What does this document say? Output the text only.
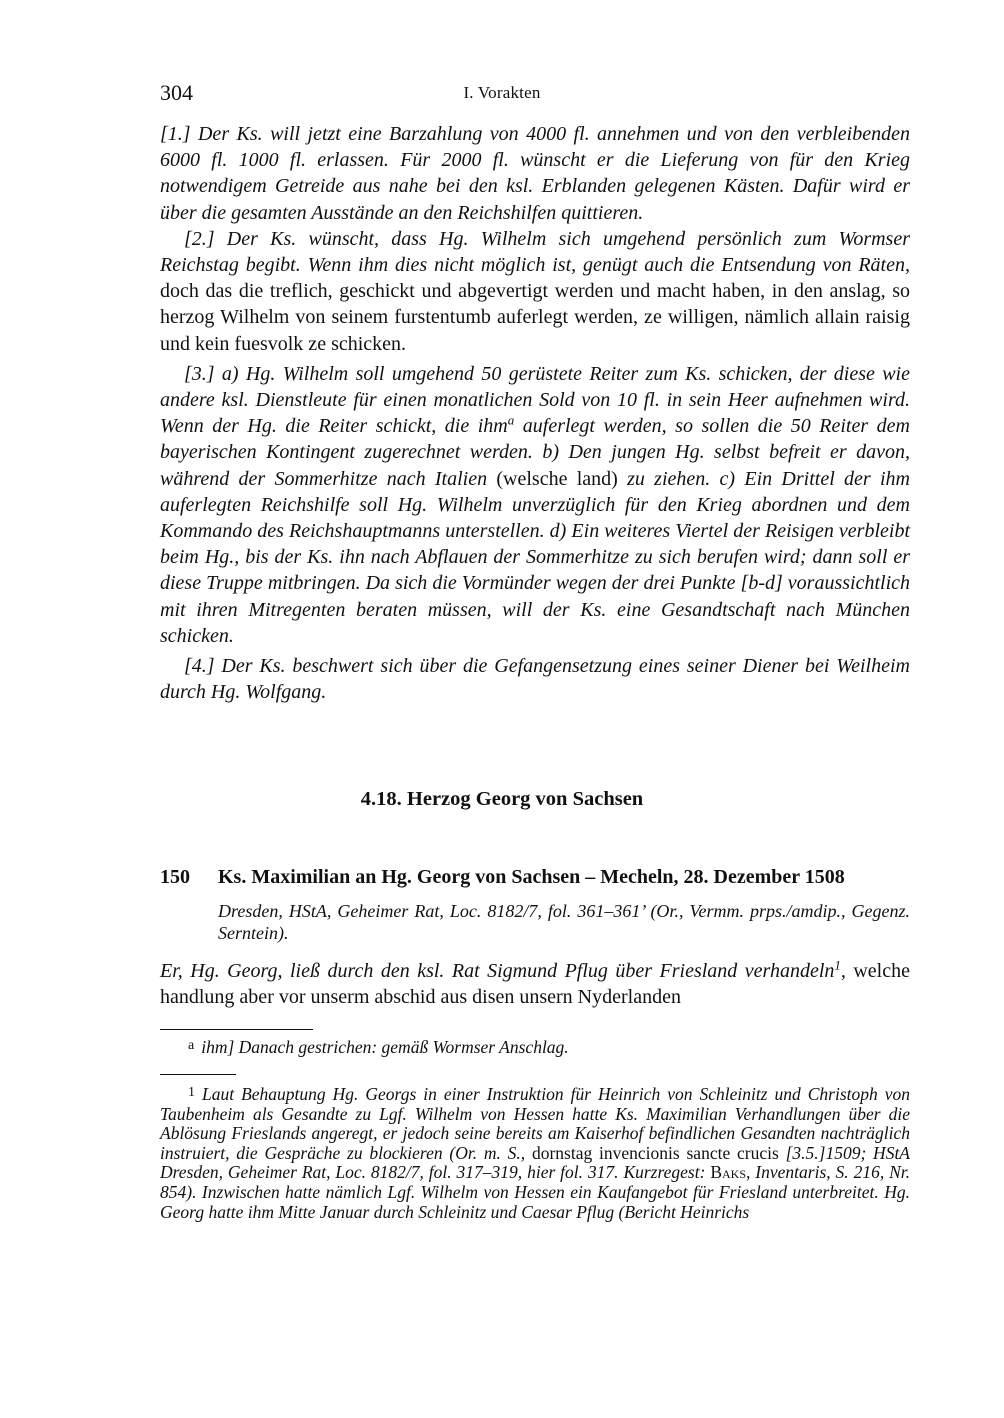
304	I. Vorakten

[1.] Der Ks. will jetzt eine Barzahlung von 4000 fl. annehmen und von den verbleibenden 6000 fl. 1000 fl. erlassen. Für 2000 fl. wünscht er die Lieferung von für den Krieg notwendigem Getreide aus nahe bei den ksl. Erblanden gelegenen Kästen. Dafür wird er über die gesamten Ausstände an den Reichshilfen quittieren.

[2.] Der Ks. wünscht, dass Hg. Wilhelm sich umgehend persönlich zum Wormser Reichstag begibt. Wenn ihm dies nicht möglich ist, genügt auch die Entsendung von Räten, doch das die treflich, geschickt und abgevertigt werden und macht haben, in den anslag, so herzog Wilhelm von seinem furstentumb auferlegt werden, ze willigen, nämlich allain raisig und kein fuesvolk ze schicken.

[3.] a) Hg. Wilhelm soll umgehend 50 gerüstete Reiter zum Ks. schicken, der diese wie andere ksl. Dienstleute für einen monatlichen Sold von 10 fl. in sein Heer aufnehmen wird. Wenn der Hg. die Reiter schickt, die ihm$^a$ auferlegt werden, so sollen die 50 Reiter dem bayerischen Kontingent zugerechnet werden. b) Den jungen Hg. selbst befreit er davon, während der Sommerhitze nach Italien (welsche land) zu ziehen. c) Ein Drittel der ihm auferlegten Reichshilfe soll Hg. Wilhelm unverzüglich für den Krieg abordnen und dem Kommando des Reichshauptmanns unterstellen. d) Ein weiteres Viertel der Reisigen verbleibt beim Hg., bis der Ks. ihn nach Abflauen der Sommerhitze zu sich berufen wird; dann soll er diese Truppe mitbringen. Da sich die Vormünder wegen der drei Punkte [b-d] voraussichtlich mit ihren Mitregenten beraten müssen, will der Ks. eine Gesandtschaft nach München schicken.

[4.] Der Ks. beschwert sich über die Gefangensetzung eines seiner Diener bei Weilheim durch Hg. Wolfgang.

4.18. Herzog Georg von Sachsen
150 Ks. Maximilian an Hg. Georg von Sachsen – Mecheln, 28. Dezember 1508
Dresden, HStA, Geheimer Rat, Loc. 8182/7, fol. 361–361’ (Or., Vermm. prps./amdip., Gegenz. Serntein).

Er, Hg. Georg, ließ durch den ksl. Rat Sigmund Pflug über Friesland verhandeln$^1$, welche handlung aber vor unserm abschid aus disen unsern Nyderlanden

$^a$ ihm] Danach gestrichen: gemäß Wormser Anschlag.
$^1$ Laut Behauptung Hg. Georgs in einer Instruktion für Heinrich von Schleinitz und Christoph von Taubenheim als Gesandte zu Lgf. Wilhelm von Hessen hatte Ks. Maximilian Verhandlungen über die Ablösung Frieslands angeregt, er jedoch seine bereits am Kaiserhof befindlichen Gesandten nachträglich instruiert, die Gespräche zu blockieren (Or. m. S., dornstag invencionis sancte crucis [3.5.]1509; HStA Dresden, Geheimer Rat, Loc. 8182/7, fol. 317–319, hier fol. 317. Kurzregest: Baks, Inventaris, S. 216, Nr. 854). Inzwischen hatte nämlich Lgf. Wilhelm von Hessen ein Kaufangebot für Friesland unterbreitet. Hg. Georg hatte ihm Mitte Januar durch Schleinitz und Caesar Pflug (Bericht Heinrichs
